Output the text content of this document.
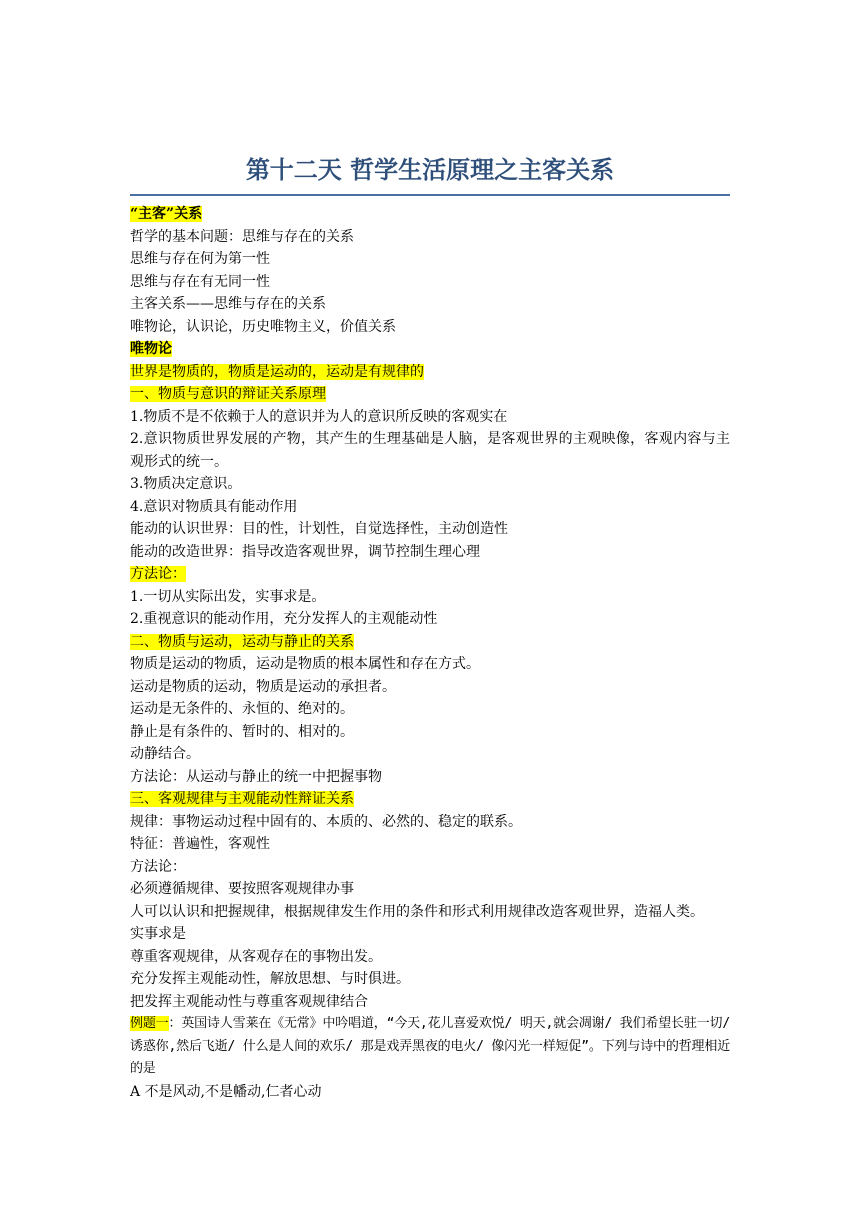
第十二天 哲学生活原理之主客关系
“主客”关系
哲学的基本问题：思维与存在的关系
思维与存在何为第一性
思维与存在有无同一性
主客关系——思维与存在的关系
唯物论，认识论，历史唯物主义，价值关系
唯物论
世界是物质的，物质是运动的，运动是有规律的
一、物质与意识的辩证关系原理
1.物质不是不依赖于人的意识并为人的意识所反映的客观实在
2.意识物质世界发展的产物，其产生的生理基础是人脑，是客观世界的主观映像，客观内容与主观形式的统一。
3.物质决定意识。
4.意识对物质具有能动作用
能动的认识世界：目的性，计划性，自觉选择性，主动创造性
能动的改造世界：指导改造客观世界，调节控制生理心理
方法论：
1.一切从实际出发，实事求是。
2.重视意识的能动作用，充分发挥人的主观能动性
二、物质与运动，运动与静止的关系
物质是运动的物质，运动是物质的根本属性和存在方式。
运动是物质的运动，物质是运动的承担者。
运动是无条件的、永恒的、绝对的。
静止是有条件的、暂时的、相对的。
动静结合。
方法论：从运动与静止的统一中把握事物
三、客观规律与主观能动性辩证关系
规律：事物运动过程中固有的、本质的、必然的、稳定的联系。
特征：普遍性，客观性
方法论：
必须遵循规律、要按照客观规律办事
人可以认识和把握规律，根据规律发生作用的条件和形式利用规律改造客观世界，造福人类。
实事求是
尊重客观规律，从客观存在的事物出发。
充分发挥主观能动性，解放思想、与时俱进。
把发挥主观能动性与尊重客观规律结合
例题一：英国诗人雪莱在《无常》中吟唱道，“今天,花儿喜爱欢悦/ 明天,就会凋谢/ 我们希望长驻一切/ 诱惑你,然后飞逝/ 什么是人间的欢乐/ 那是戏弄黑夜的电火/ 像闪光一样短促”。下列与诗中的哲理相近的是
A 不是风动,不是幡动,仁者心动
